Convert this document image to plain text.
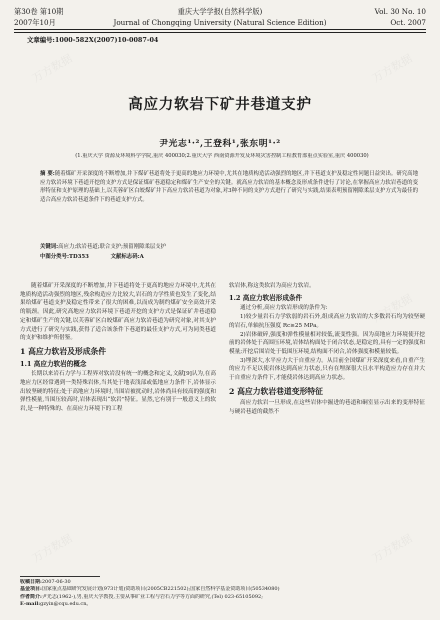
第30卷 第10期	重庆大学学报(自然科学版)	Vol. 30 No. 10
2007年10月	Journal of Chongqing University (Natural Science Edition)	Oct. 2007
文章编号:1000-582X(2007)10-0087-04
高应力软岩下矿井巷道支护
尹光志¹·²,王登科¹,张东明¹·²
(1.重庆大学 资源及环境科学学院,重庆 400030;2.重庆大学 西南资源开发及环境灾害控制工程教育部重点实验室,重庆 400030)
摘 要:随着煤矿开采深度的不断增加,井下煤矿巷道将处于更高的地应力环境中,尤其在地质构造活动强烈的地区,井下巷道支护及稳定性问题日益突出。研究高地应力软岩环境下巷道开挖的支护方式是保证煤矿巷道稳定和煤矿生产安全的关键。就高应力软岩的基本概念及形成条件进行了讨论,在掌握高应力软岩巷道的变形特征和支护原理的基础上,以芙蓉矿区白皎煤矿井下高应力软岩巷道为对象,对3种不同的支护方式进行了研究与实践,结果表明预留刚隙柔层支护方式为最佳的适合高应力软岩巷道条件下的巷道支护方式。
关键词:高应力;软岩巷道;联合支护;预留刚隙柔层支护
中图分类号:TD353	文献标志码:A

随着煤矿开采深度的不断增加,井下巷道将处于更高的地应力环境中,尤其在地质构造活动强烈的地区,残余构造应力比较大,岩石的力学性质也发生了变化,结果给煤矿巷道支护及稳定性带来了很大的困难,以而成为制约煤矿安全高效开采的瓶颈。因此,研究高地应力软岩环境下巷道开挖的支护方式是保证矿井巷道稳定和煤矿生产的关键,以芙蓉矿区白皎煤矿高应力软岩巷道为研究对象,对其支护方式进行了研究与实践,获得了适合该条件下巷道的最佳支护方式,可为同类巷道的支护和维护所借鉴。

1 高应力软岩及形成条件
1.1 高应力软岩的概念

长期以来岩石力学与工程界对软岩没有统一的概念和定义,文献[9]认为,在高地应力区经常遇到一类特殊岩体,当其处于地表浅部或低地应力条件下,岩体显示出较坚硬的特征;处于高地应力环境时,当围岩被扰动时,岩体尚具有较高的强度和弹性模量,当围压较高时,岩体表现出“软岩”特征。显然,它有别于一般意义上的软岩,是一种特殊的、在高应力环境下的工程

软岩体,称这类软岩为高应力软岩。

1.2 高应力软岩形成条件

通过分析,高应力软岩形成的条件为:

1)较少量岩石力学软弱的岩石外,组成高应力软岩的大多数岩石均为较坚硬的岩石,单轴抗压强度 Rc≥25 MPa。

2)岩体破碎,强度和弹性模量相对较低,流变性强。因为高地应力环境使开挖前的岩体处于高围压环境,岩体结构面处于闭合状态,是稳定的,具有一定的强度和模量;开挖后围岩处于低围压环境,结构面不闭合,岩体强度和模量较低。

3)埋深大,水平应力大于自重应力。从目前全国煤矿开采深度来看,自重产生的应力不足以使岩体达到高应力状态,只有在埋深很大且水平构造应力存在并大于自重应力条件下,才能使岩体达到高应力状态。

2 高应力软岩巷道变形特征

高应力软岩一旦形成,在这些岩体中掘进的巷道和硐室显示出来的变形特征与硬岩巷道的截然不

收稿日期:2007-06-30
基金项目:国家重点基础研究发展计划(973计划)资助项目(2005CB221502);国家自然科学基金资助项目(50534080)
作者简介:尹光志(1962-),男,重庆大学教授,主要从事矿业工程与岩石力学等方面的研究,(Tel) 023-65105092;
E-mail:gzyin@cqu.edu.cn。
万方数据	万方数据
万方数据	万方数据
万方数据	万方数据
